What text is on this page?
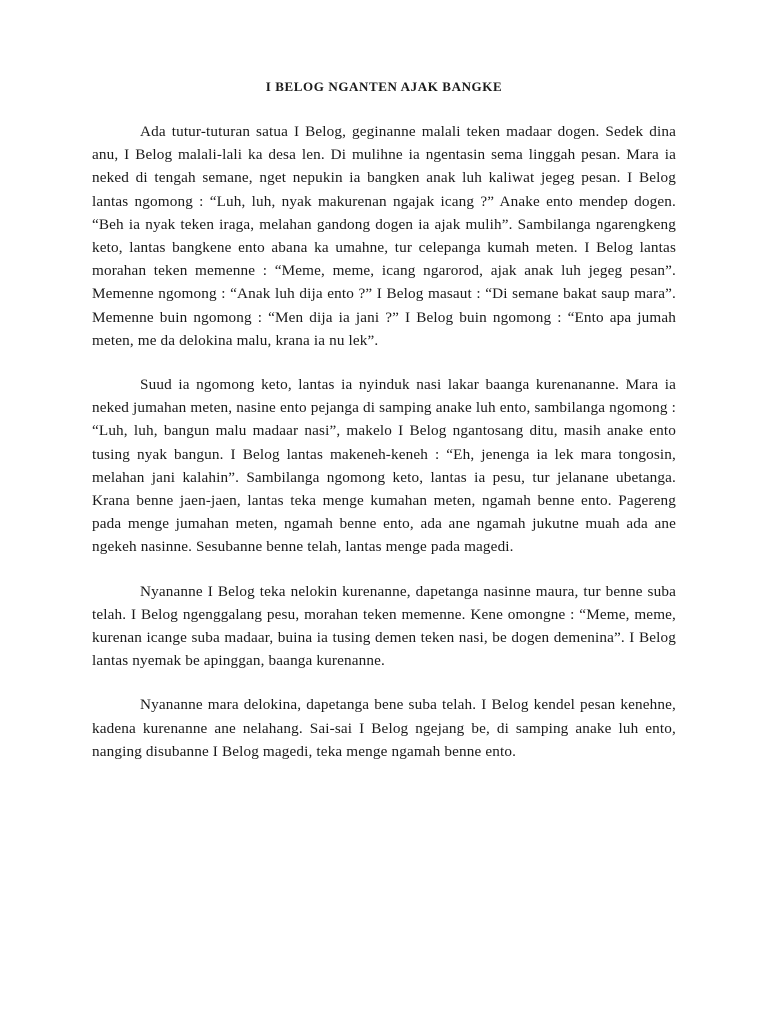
I BELOG NGANTEN AJAK BANGKE

Ada tutur-tuturan satua I Belog, geginanne malali teken madaar dogen. Sedek dina anu, I Belog malali-lali ka desa len. Di mulihne ia ngentasin sema linggah pesan. Mara ia neked di tengah semane, nget nepukin ia bangken anak luh kaliwat jegeg pesan. I Belog lantas ngomong : “Luh, luh, nyak makurenan ngajak icang ?” Anake ento mendep dogen. “Beh ia nyak teken iraga, melahan gandong dogen ia ajak mulih”. Sambilanga ngarengkeng keto, lantas bangkene ento abana ka umahne, tur celepanga kumah meten. I Belog lantas morahan teken memenne : “Meme, meme, icang ngarorod, ajak anak luh jegeg pesan”. Memenne ngomong : “Anak luh dija ento ?” I Belog masaut : “Di semane bakat saup mara”. Memenne buin ngomong : “Men dija ia jani ?” I Belog buin ngomong : “Ento apa jumah meten, me da delokina malu, krana ia nu lek”.

Suud ia ngomong keto, lantas ia nyinduk nasi lakar baanga kurenananne. Mara ia neked jumahan meten, nasine ento pejanga di samping anake luh ento, sambilanga ngomong : “Luh, luh, bangun malu madaar nasi”, makelo I Belog ngantosang ditu, masih anake ento tusing nyak bangun. I Belog lantas makeneh-keneh : “Eh, jenenga ia lek mara tongosin, melahan jani kalahin”. Sambilanga ngomong keto, lantas ia pesu, tur jelanane ubetanga. Krana benne jaen-jaen, lantas teka menge kumahan meten, ngamah benne ento. Pagereng pada menge jumahan meten, ngamah benne ento, ada ane ngamah jukutne muah ada ane ngekeh nasinne. Sesubanne benne telah, lantas menge pada magedi.

Nyananne I Belog teka nelokin kurenanne, dapetanga nasinne maura, tur benne suba telah. I Belog ngenggalang pesu, morahan teken memenne. Kene omongne : “Meme, meme, kurenan icange suba madaar, buina ia tusing demen teken nasi, be dogen demenina”. I Belog lantas nyemak be apinggan, baanga kurenanne.

Nyananne mara delokina, dapetanga bene suba telah. I Belog kendel pesan kenehne, kadena kurenanne ane nelahang. Sai-sai I Belog ngejang be, di samping anake luh ento, nanging disubanne I Belog magedi, teka menge ngamah benne ento.
